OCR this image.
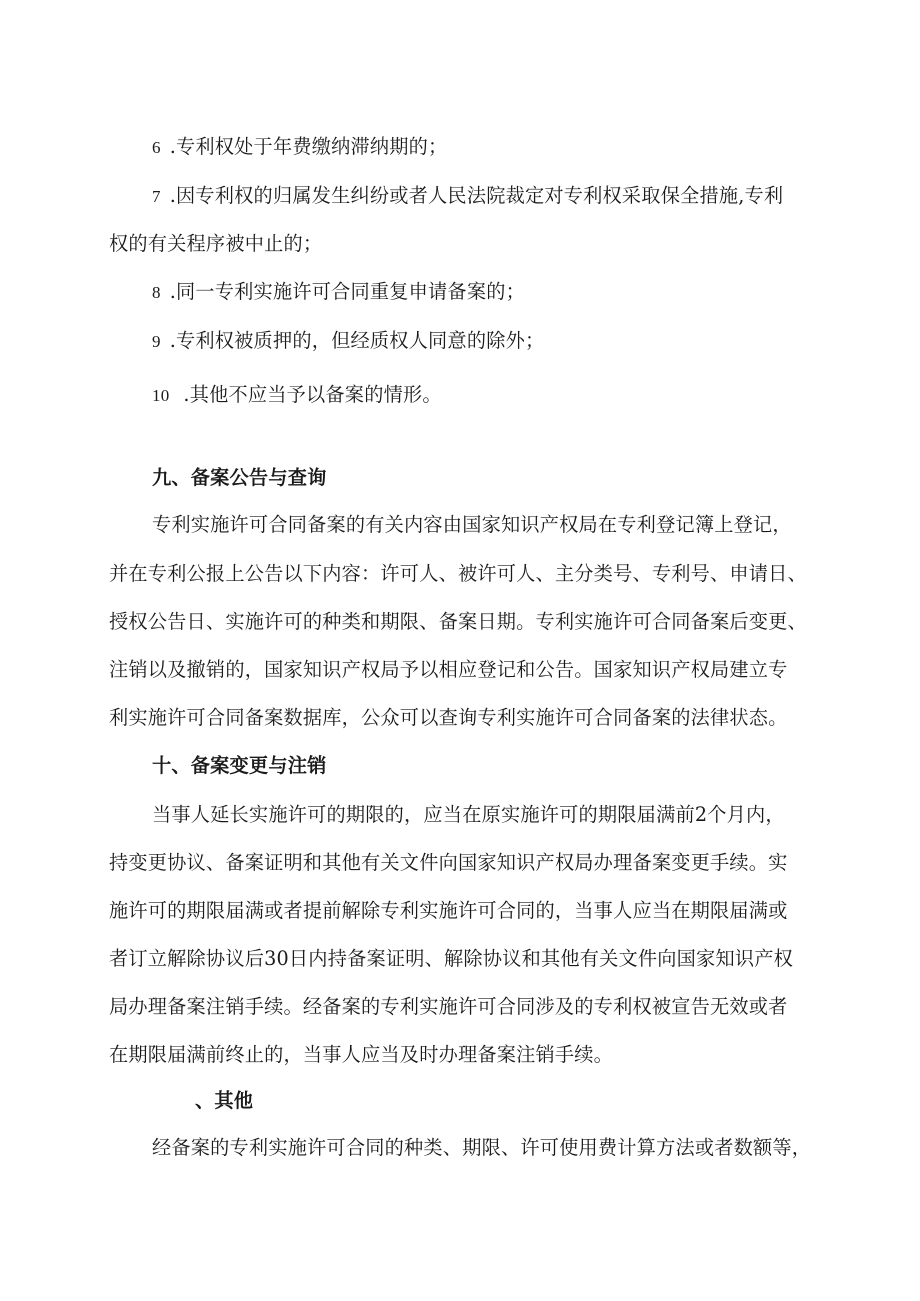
6 .专利权处于年费缴纳滞纳期的；
7 .因专利权的归属发生纠纷或者人民法院裁定对专利权采取保全措施,专利
权的有关程序被中止的；
8 .同一专利实施许可合同重复申请备案的；
9 .专利权被质押的，但经质权人同意的除外；
10 .其他不应当予以备案的情形。
九、备案公告与查询
专利实施许可合同备案的有关内容由国家知识产权局在专利登记簿上登记，
并在专利公报上公告以下内容：许可人、被许可人、主分类号、专利号、申请日、
授权公告日、实施许可的种类和期限、备案日期。专利实施许可合同备案后变更、
注销以及撤销的，国家知识产权局予以相应登记和公告。国家知识产权局建立专
利实施许可合同备案数据库，公众可以查询专利实施许可合同备案的法律状态。
十、备案变更与注销
当事人延长实施许可的期限的，应当在原实施许可的期限届满前2个月内，
持变更协议、备案证明和其他有关文件向国家知识产权局办理备案变更手续。实
施许可的期限届满或者提前解除专利实施许可合同的，当事人应当在期限届满或
者订立解除协议后30日内持备案证明、解除协议和其他有关文件向国家知识产权
局办理备案注销手续。经备案的专利实施许可合同涉及的专利权被宣告无效或者
在期限届满前终止的，当事人应当及时办理备案注销手续。
、其他
经备案的专利实施许可合同的种类、期限、许可使用费计算方法或者数额等，
